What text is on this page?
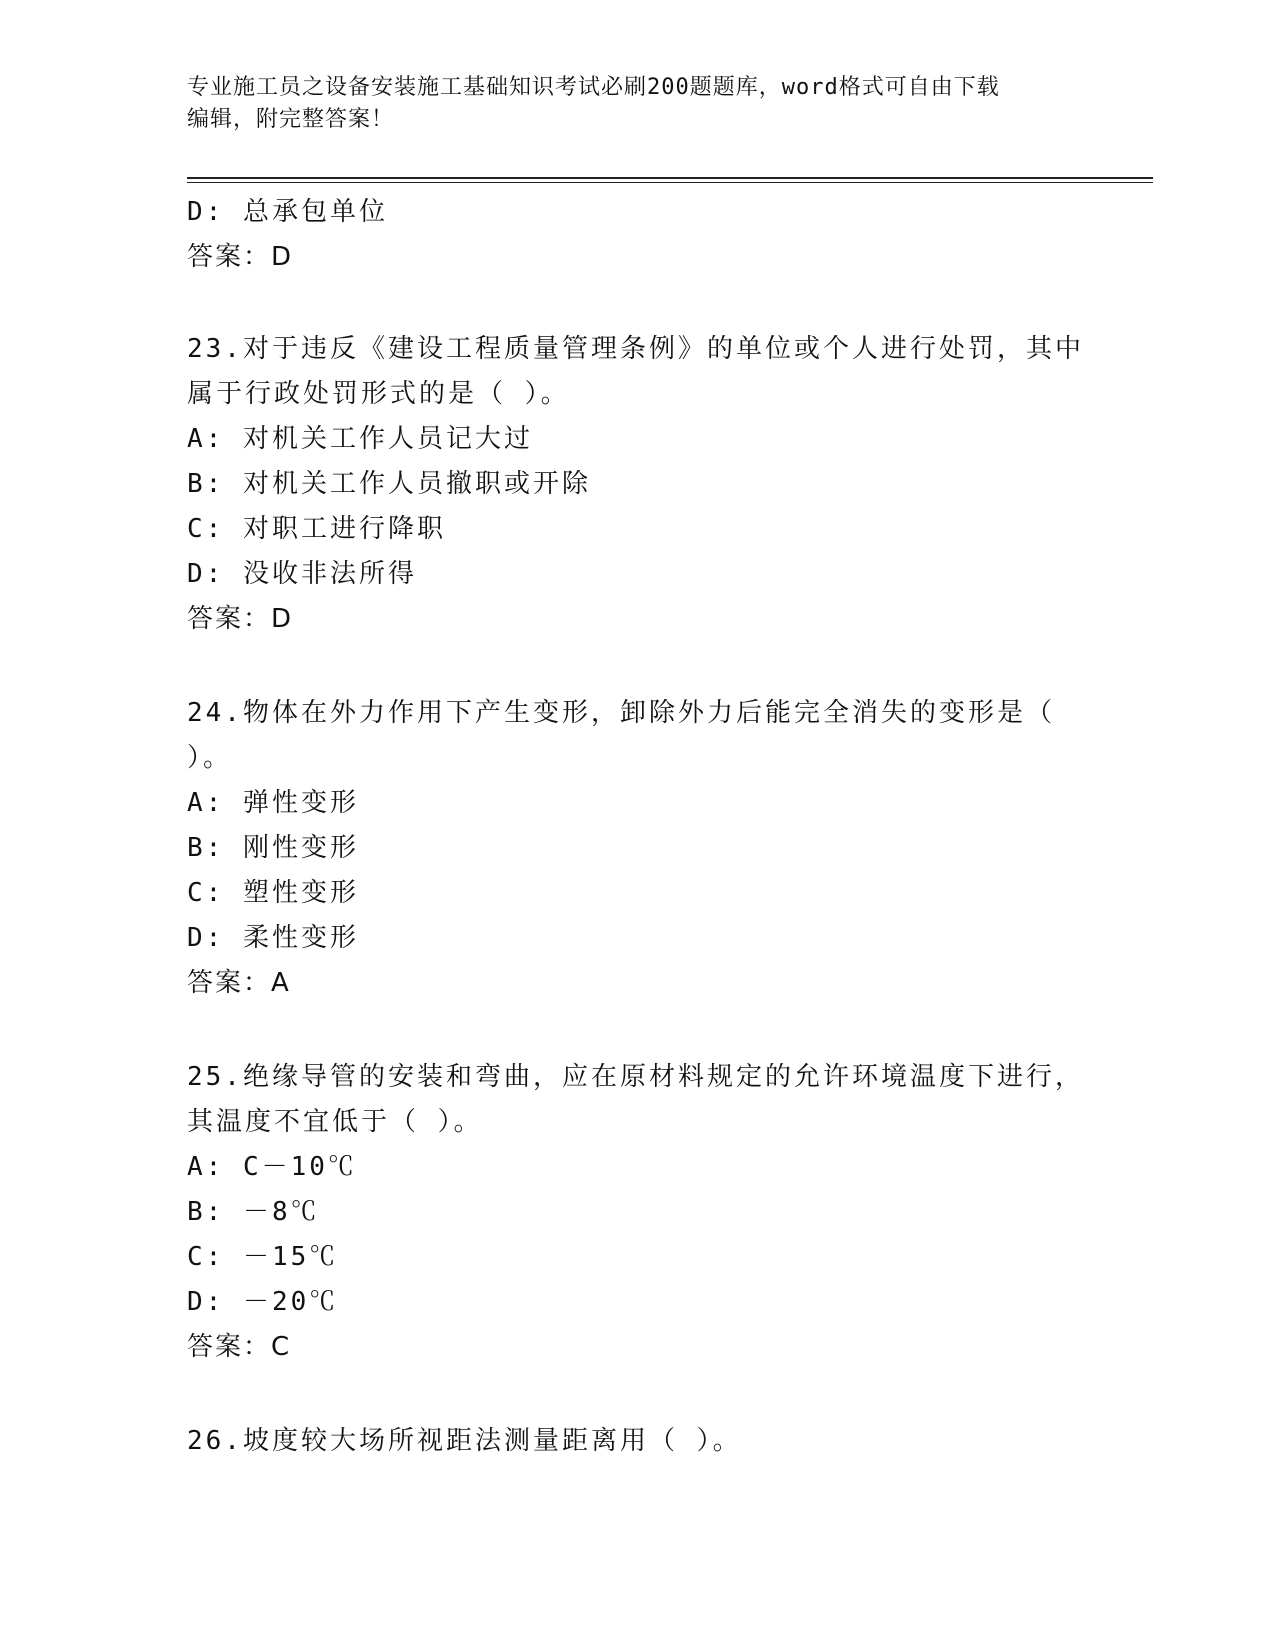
专业施工员之设备安装施工基础知识考试必刷200题题库，word格式可自由下载
编辑，附完整答案！
D: 总承包单位
答案：D
23.对于违反《建设工程质量管理条例》的单位或个人进行处罚，其中
属于行政处罚形式的是（ ）。
A: 对机关工作人员记大过
B: 对机关工作人员撤职或开除
C: 对职工进行降职
D: 没收非法所得
答案：D
24.物体在外力作用下产生变形，卸除外力后能完全消失的变形是（
）。
A: 弹性变形
B: 刚性变形
C: 塑性变形
D: 柔性变形
答案：A
25.绝缘导管的安装和弯曲，应在原材料规定的允许环境温度下进行，
其温度不宜低于（ ）。
A: C－10℃
B: －8℃
C: －15℃
D: －20℃
答案：C
26.坡度较大场所视距法测量距离用（ ）。
